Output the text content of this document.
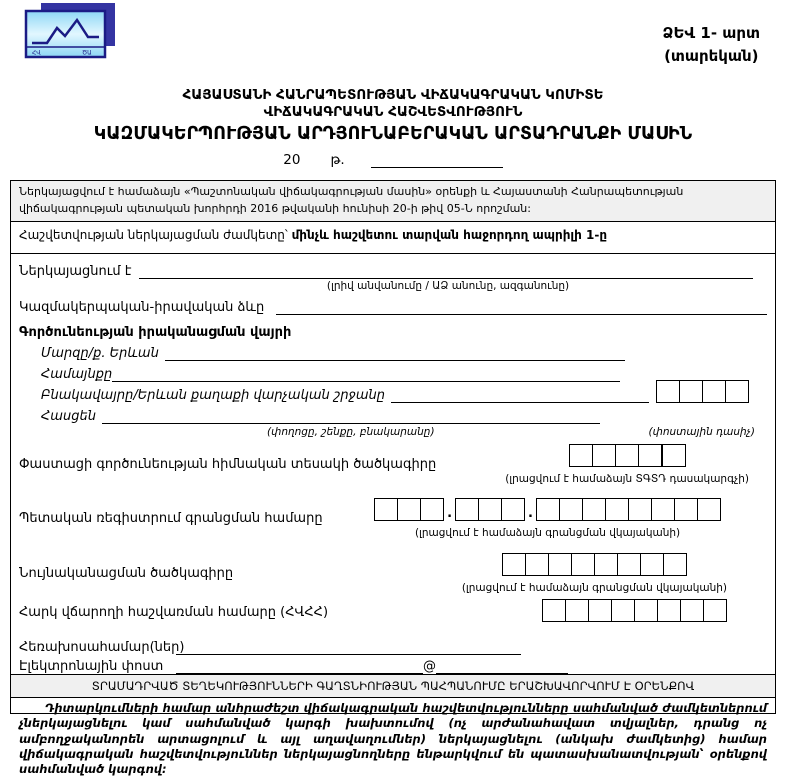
ՀՎ	ԾԱ
ՁԵՎ 1- արտ
(տարեկան)
ՀԱՅԱՍՏԱՆԻ ՀԱՆՐԱՊԵՏՈՒԹՅԱՆ ՎԻՃԱԿԱԳՐԱԿԱՆ ԿՈՄԻՏԵ
ՎԻՃԱԿԱԳՐԱԿԱՆ ՀԱՇՎԵՏՎՈՒԹՅՈՒՆ
ԿԱԶՄԱԿԵՐՊՈՒԹՅԱՆ ԱՐԴՅՈՒՆԱԲԵՐԱԿԱՆ ԱՐՏԱԴՐԱՆՔԻ ՄԱՍԻՆ
20 թ.
Ներկայացվում է համաձայն «Պաշտոնական վիճակագրության մասին» օրենքի և Հայաստանի Հանրապետության վիճակագրության պետական խորհրդի 2016 թվականի հունիսի 20-ի թիվ 05-Ն որոշման:
Հաշվետվության ներկայացման ժամկետը՝ մինչև հաշվետու տարվան հաջորդող ապրիլի 1-ը
Ներկայացնում է
(լրիվ անվանումը / ԱՁ անունը, ազգանունը)
Կազմակերպական-իրավական ձևը
Գործունեության իրականացման վայրի
Մարզը/ք. Երևան
Համայնքը
Բնակավայրը/Երևան քաղաքի վարչական շրջանը
Հասցեն
(փողոցը, շենքը, բնակարանը)	(փոստային դասիչ)
Փաստացի գործունեության հիմնական տեսակի ծածկագիրը
(լրացվում է համաձայն ՏԳՏԴ դասակարգչի)
Պետական ռեգիստրում գրանցման համարը	.	.
(լրացվում է համաձայն գրանցման վկայականի)
Նույնականացման ծածկագիրը
(լրացվում է համաձայն գրանցման վկայականի)
Հարկ վճարողի հաշվառման համարը (ՀՎՀՀ)
Հեռախոսահամար(ներ)
Էլեկտրոնային փոստ	@
ՏՐԱՄԱԴՐՎԱԾ ՏԵՂԵԿՈՒԹՅՈՒՆՆԵՐԻ ԳԱՂՏՆԻՈՒԹՅԱՆ ՊԱՀՊԱՆՈՒՄԸ ԵՐԱՇԽԱՎՈՐՎՈՒՄ Է ՕՐԵՆՔՈՎ
Դիտարկումների համար անհրաժեշտ վիճակագրական հաշվետվությունները սահմանված ժամկետներում չներկայացնելու կամ սահմանված կարգի խախտումով (ոչ արժանահավատ տվյալներ, դրանց ոչ ամբողջականորեն արտացոլում և այլ աղավաղումներ) ներկայացնելու (անկախ ժամկետից) համար վիճակագրական հաշվետվություններ ներկայացնողները ենթարկվում են պատասխանատվության՝ օրենքով սահմանված կարգով:
